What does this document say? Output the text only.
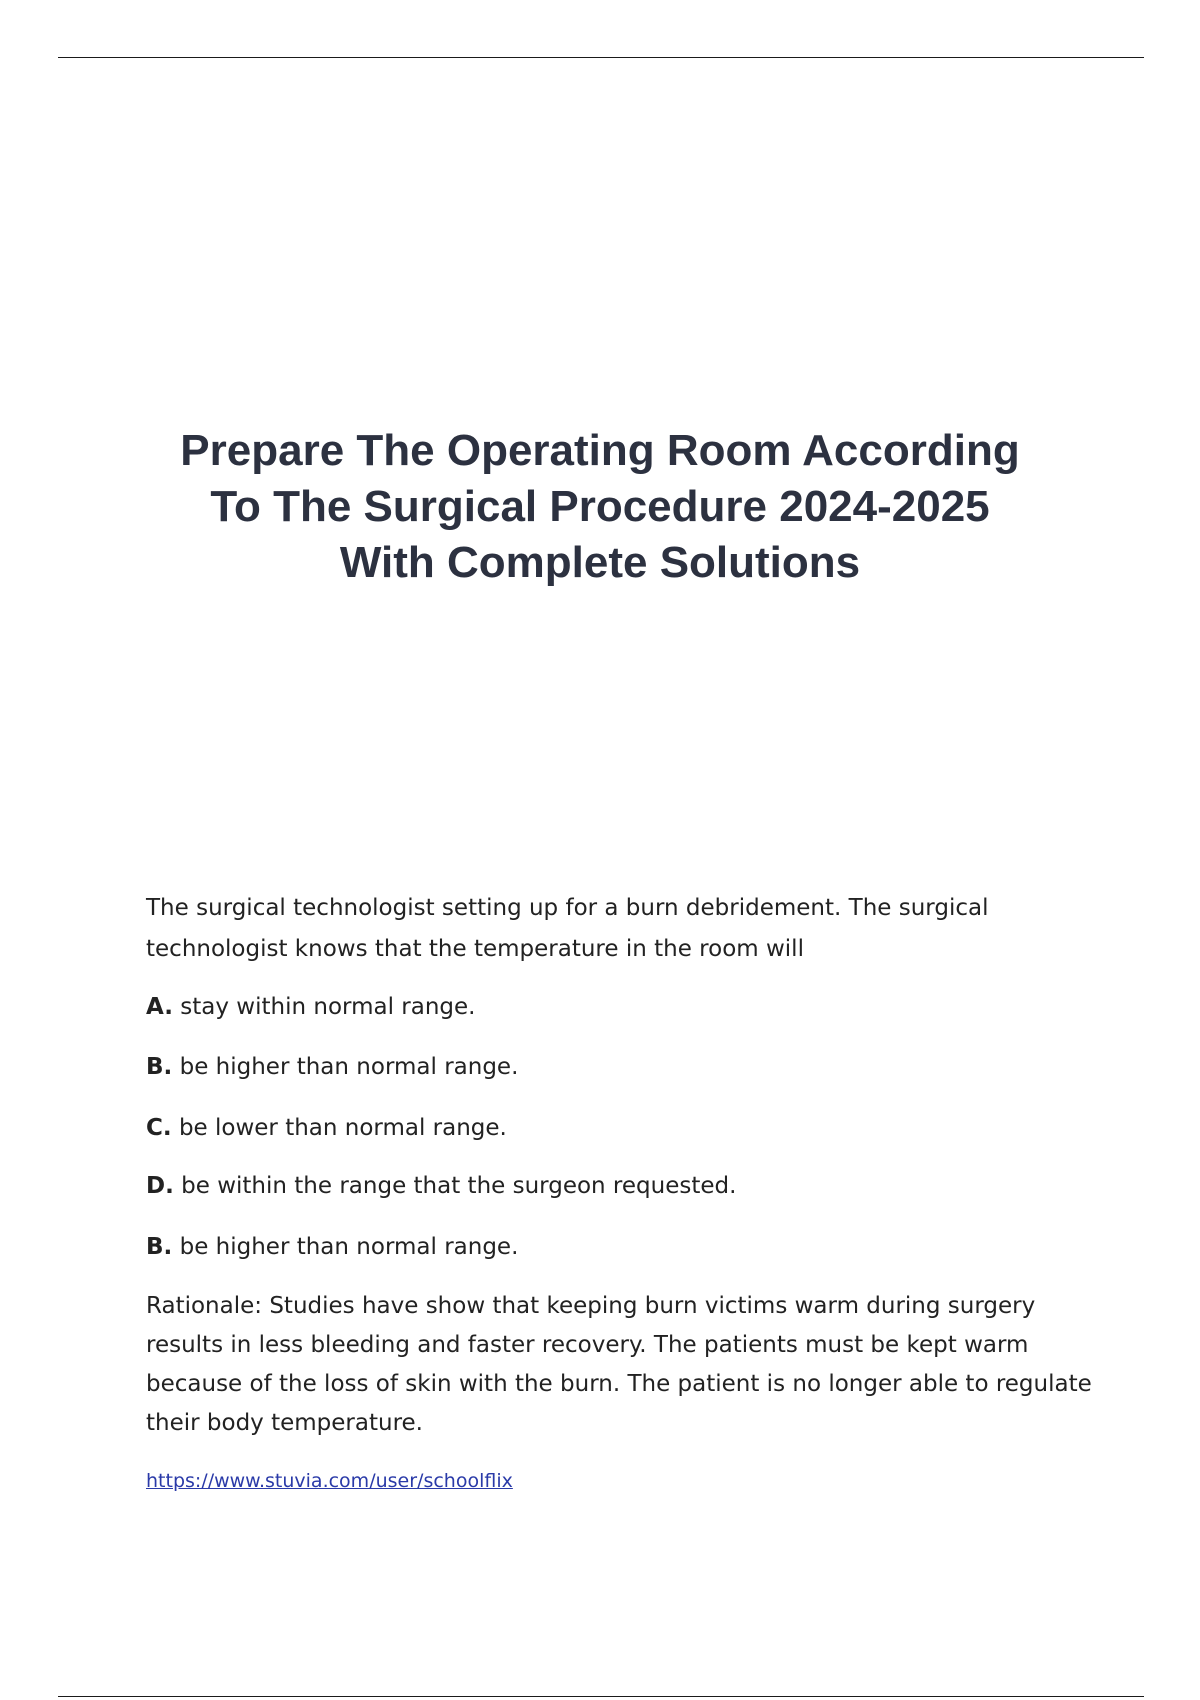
Prepare The Operating Room According
To The Surgical Procedure 2024-2025
With Complete Solutions

The surgical technologist setting up for a burn debridement. The surgical technologist knows that the temperature in the room will

A. stay within normal range.

B. be higher than normal range.

C. be lower than normal range.

D. be within the range that the surgeon requested.

B. be higher than normal range.

Rationale: Studies have show that keeping burn victims warm during surgery results in less bleeding and faster recovery. The patients must be kept warm because of the loss of skin with the burn. The patient is no longer able to regulate their body temperature.

https://www.stuvia.com/user/schoolflix
